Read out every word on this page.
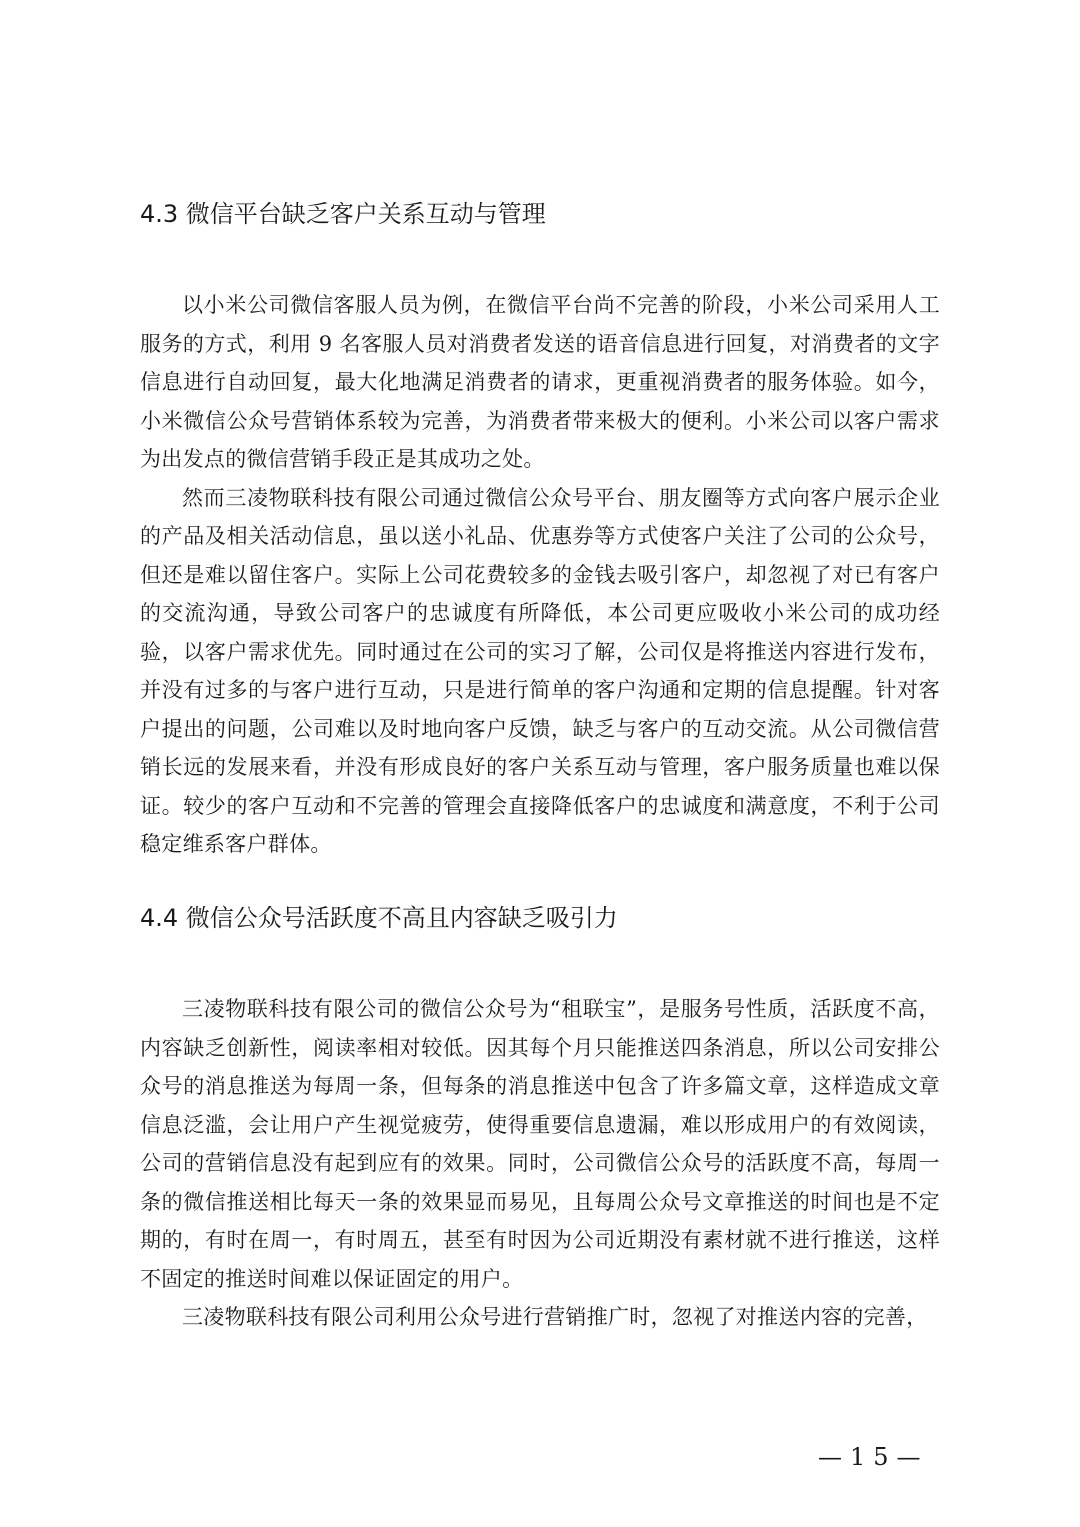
4.3 微信平台缺乏客户关系互动与管理

以小米公司微信客服人员为例，在微信平台尚不完善的阶段，小米公司采用人工服务的方式，利用 9 名客服人员对消费者发送的语音信息进行回复，对消费者的文字信息进行自动回复，最大化地满足消费者的请求，更重视消费者的服务体验。如今，小米微信公众号营销体系较为完善，为消费者带来极大的便利。小米公司以客户需求为出发点的微信营销手段正是其成功之处。

然而三凌物联科技有限公司通过微信公众号平台、朋友圈等方式向客户展示企业的产品及相关活动信息，虽以送小礼品、优惠券等方式使客户关注了公司的公众号，但还是难以留住客户。实际上公司花费较多的金钱去吸引客户，却忽视了对已有客户的交流沟通，导致公司客户的忠诚度有所降低，本公司更应吸收小米公司的成功经验，以客户需求优先。同时通过在公司的实习了解，公司仅是将推送内容进行发布，并没有过多的与客户进行互动，只是进行简单的客户沟通和定期的信息提醒。针对客户提出的问题，公司难以及时地向客户反馈，缺乏与客户的互动交流。从公司微信营销长远的发展来看，并没有形成良好的客户关系互动与管理，客户服务质量也难以保证。较少的客户互动和不完善的管理会直接降低客户的忠诚度和满意度，不利于公司稳定维系客户群体。

4.4 微信公众号活跃度不高且内容缺乏吸引力

三凌物联科技有限公司的微信公众号为“租联宝”，是服务号性质，活跃度不高，内容缺乏创新性，阅读率相对较低。因其每个月只能推送四条消息，所以公司安排公众号的消息推送为每周一条，但每条的消息推送中包含了许多篇文章，这样造成文章信息泛滥，会让用户产生视觉疲劳，使得重要信息遗漏，难以形成用户的有效阅读，公司的营销信息没有起到应有的效果。同时，公司微信公众号的活跃度不高，每周一条的微信推送相比每天一条的效果显而易见，且每周公众号文章推送的时间也是不定期的，有时在周一，有时周五，甚至有时因为公司近期没有素材就不进行推送，这样不固定的推送时间难以保证固定的用户。

三凌物联科技有限公司利用公众号进行营销推广时，忽视了对推送内容的完善，

—15—
